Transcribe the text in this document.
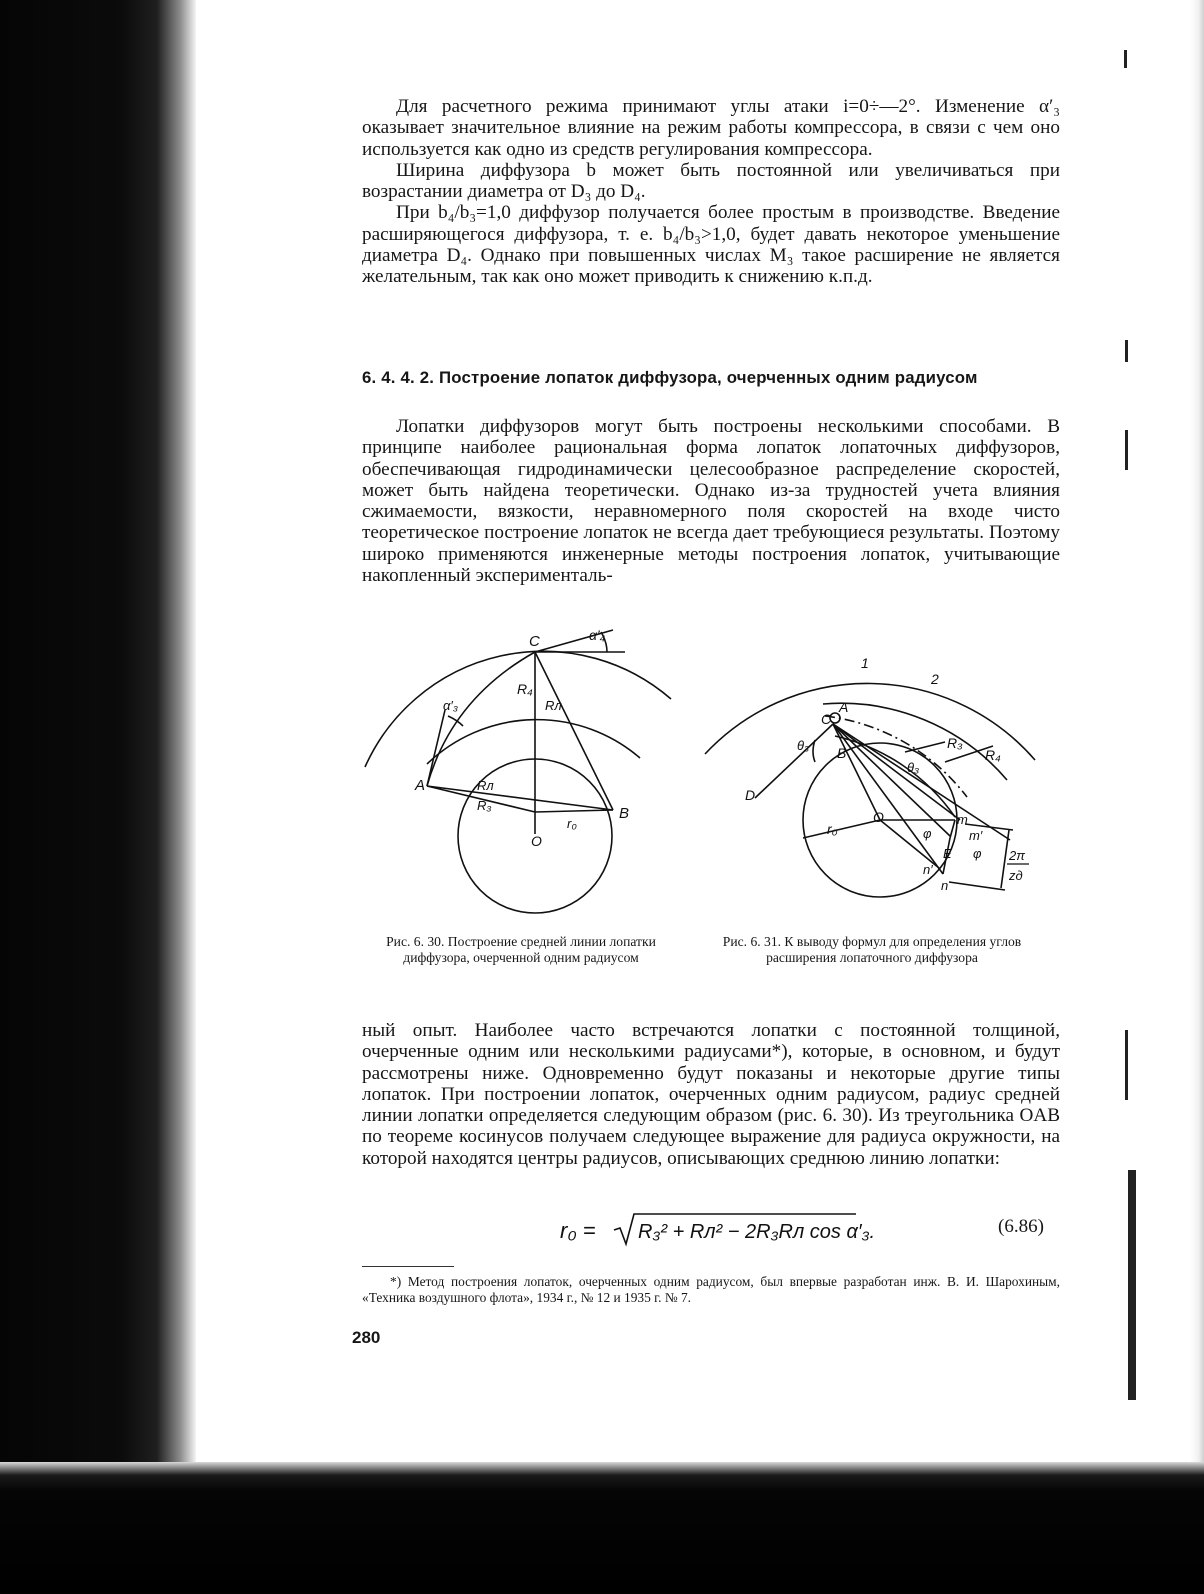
Для расчетного режима принимают углы атаки i=0÷—2°. Изменение α′₃ оказывает значительное влияние на режим работы компрессора, в связи с чем оно используется как одно из средств регулирования компрессора.

Ширина диффузора b может быть постоянной или увеличиваться при возрастании диаметра от D₃ до D₄.

При b₄/b₃=1,0 диффузор получается более простым в производстве. Введение расширяющегося диффузора, т. е. b₄/b₃>1,0, будет давать некоторое уменьшение диаметра D₄. Однако при повышенных числах M₃ такое расширение не является желательным, так как оно может приводить к снижению к.п.д.

6. 4. 4. 2. Построение лопаток диффузора, очерченных одним радиусом

Лопатки диффузоров могут быть построены несколькими способами. В принципе наиболее рациональная форма лопаток лопаточных диффузоров, обеспечивающая гидродинамически целесообразное распределение скоростей, может быть найдена теоретически. Однако из-за трудностей учета влияния сжимаемости, вязкости, неравномерного поля скоростей на входе чисто теоретическое построение лопаток не всегда дает требующиеся результаты. Поэтому широко применяются инженерные методы построения лопаток, учитывающие накопленный эксперименталь-

C	α′₄
α′₃
R₄
Rл
A	Rл
R₃
r₀
B
O
1
2
C
A
B
θ₃
θ₃
R₃
R₄
D
r₀
O	m
m′
E
φ
φ
n′
n
2π
zд

Рис. 6. 30. Построение средней линии лопатки диффузора, очерченной одним радиусом

Рис. 6. 31. К выводу формул для определения углов расширения лопаточного диффузора

ный опыт. Наиболее часто встречаются лопатки с постоянной толщиной, очерченные одним или несколькими радиусами*), которые, в основном, и будут рассмотрены ниже. Одновременно будут показаны и некоторые другие типы лопаток. При построении лопаток, очерченных одним радиусом, радиус средней линии лопатки определяется следующим образом (рис. 6. 30). Из треугольника OAB по теореме косинусов получаем следующее выражение для радиуса окружности, на которой находятся центры радиусов, описывающих среднюю линию лопатки:

r₀ = R₃² + Rл² − 2R₃Rл cos α′₃.	(6.86)

*) Метод построения лопаток, очерченных одним радиусом, был впервые разработан инж. В. И. Шарохиным, «Техника воздушного флота», 1934 г., № 12 и 1935 г. № 7.

280
